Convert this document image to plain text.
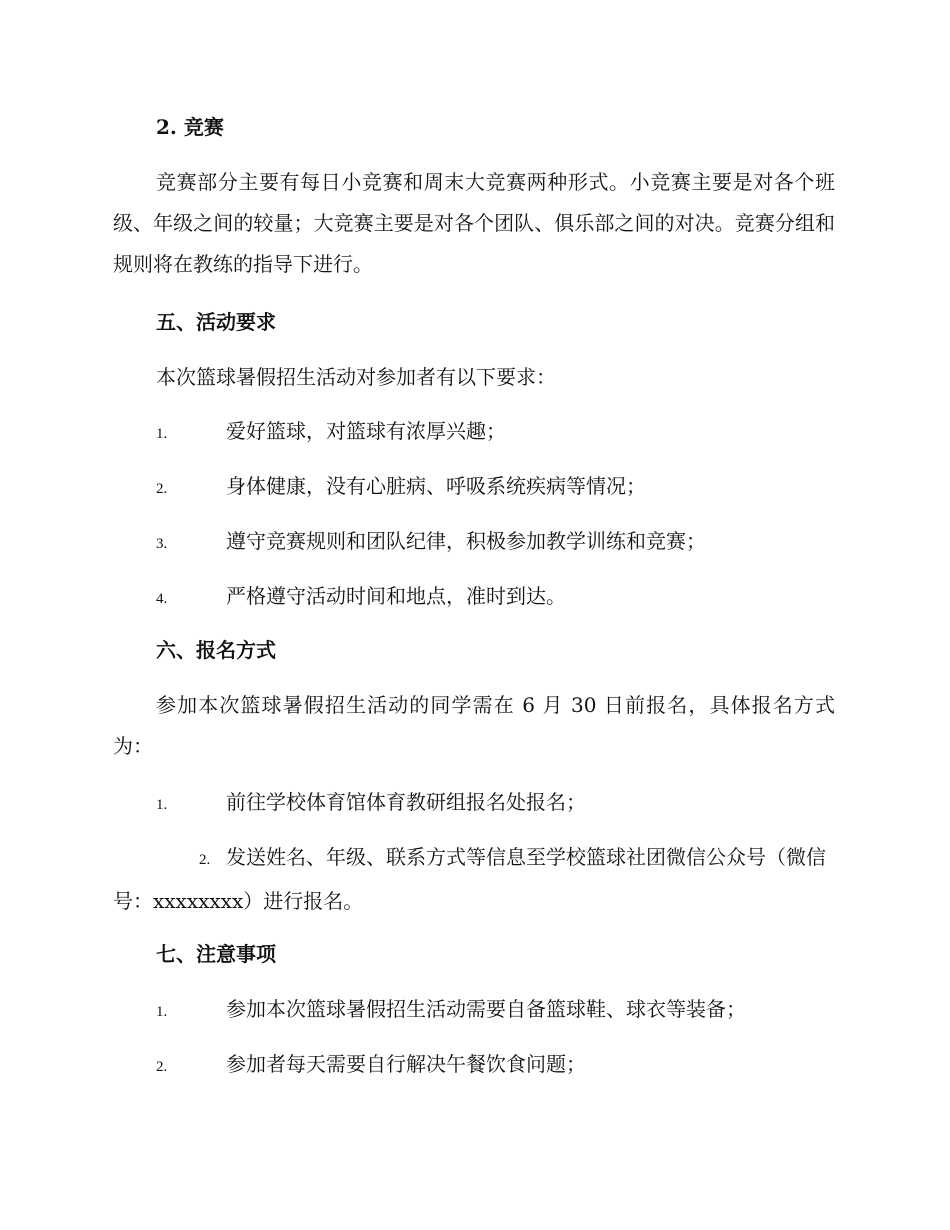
2. 竞赛

竞赛部分主要有每日小竞赛和周末大竞赛两种形式。小竞赛主要是对各个班级、年级之间的较量；大竞赛主要是对各个团队、俱乐部之间的对决。竞赛分组和规则将在教练的指导下进行。

五、活动要求

本次篮球暑假招生活动对参加者有以下要求：

1.	爱好篮球，对篮球有浓厚兴趣；
2.	身体健康，没有心脏病、呼吸系统疾病等情况；
3.	遵守竞赛规则和团队纪律，积极参加教学训练和竞赛；
4.	严格遵守活动时间和地点，准时到达。
六、报名方式

参加本次篮球暑假招生活动的同学需在 6 月 30 日前报名，具体报名方式为：

1.	前往学校体育馆体育教研组报名处报名；
2. 发送姓名、年级、联系方式等信息至学校篮球社团微信公众号（微信号：xxxxxxxx）进行报名。
七、注意事项
1.	参加本次篮球暑假招生活动需要自备篮球鞋、球衣等装备；
2.	参加者每天需要自行解决午餐饮食问题；
